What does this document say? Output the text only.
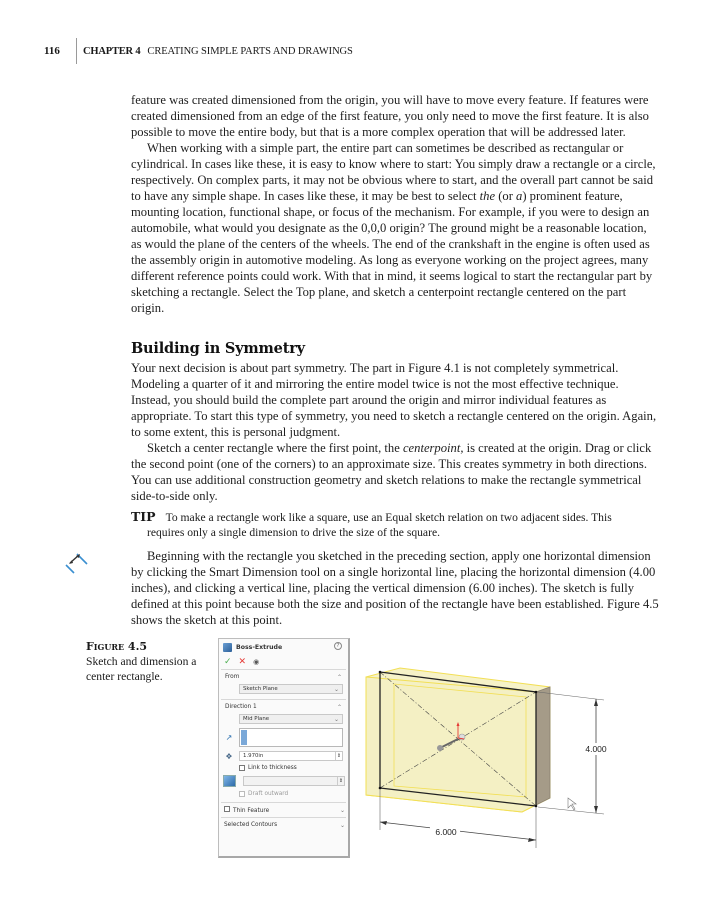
116	CHAPTER 4 CREATING SIMPLE PARTS AND DRAWINGS

feature was created dimensioned from the origin, you will have to move every feature. If features were created dimensioned from an edge of the first feature, you only need to move the first feature. It is also possible to move the entire body, but that is a more complex operation that will be addressed later.

When working with a simple part, the entire part can sometimes be described as rectangular or cylindrical. In cases like these, it is easy to know where to start: You simply draw a rectangle or a circle, respectively. On complex parts, it may not be obvious where to start, and the overall part cannot be said to have any simple shape. In cases like these, it may be best to select the (or a) prominent feature, mounting location, functional shape, or focus of the mechanism. For example, if you were to design an automobile, what would you designate as the 0,0,0 origin? The ground might be a reasonable location, as would the plane of the centers of the wheels. The end of the crankshaft in the engine is often used as the assembly origin in automotive modeling. As long as everyone working on the project agrees, many different reference points could work. With that in mind, it seems logical to start the rectangular part by sketching a rectangle. Select the Top plane, and sketch a centerpoint rectangle centered on the part origin.

Building in Symmetry

Your next decision is about part symmetry. The part in Figure 4.1 is not completely symmetrical. Modeling a quarter of it and mirroring the entire model twice is not the most effective technique. Instead, you should build the complete part around the origin and mirror individual features as appropriate. To start this type of symmetry, you need to sketch a rectangle centered on the origin. Again, to some extent, this is personal judgment.

Sketch a center rectangle where the first point, the centerpoint, is created at the origin. Drag or click the second point (one of the corners) to an approximate size. This creates symmetry in both directions. You can use additional construction geometry and sketch relations to make the rectangle symmetrical side-to-side only.

TIP To make a rectangle work like a square, use an Equal sketch relation on two adjacent sides. This
requires only a single dimension to drive the size of the square.

Beginning with the rectangle you sketched in the preceding section, apply one horizontal dimension by clicking the Smart Dimension tool on a single horizontal line, placing the horizontal dimension (4.00 inches), and clicking a vertical line, placing the vertical dimension (6.00 inches). The sketch is fully defined at this point because both the size and position of the rectangle have been established. Figure 4.5 shows the sketch at this point.

Figure 4.5
Sketch and dimension a center rectangle.
Boss-Extrude	?
✓ ✕ ◉
From	⌃
Sketch Plane	⌄
Direction 1	⌃
Mid Plane	⌄
↗
❖	1.970in	⇕
Link to thickness
⇕
Draft outward
Thin Feature	⌄
Selected Contours	⌄
4.000
6.000
